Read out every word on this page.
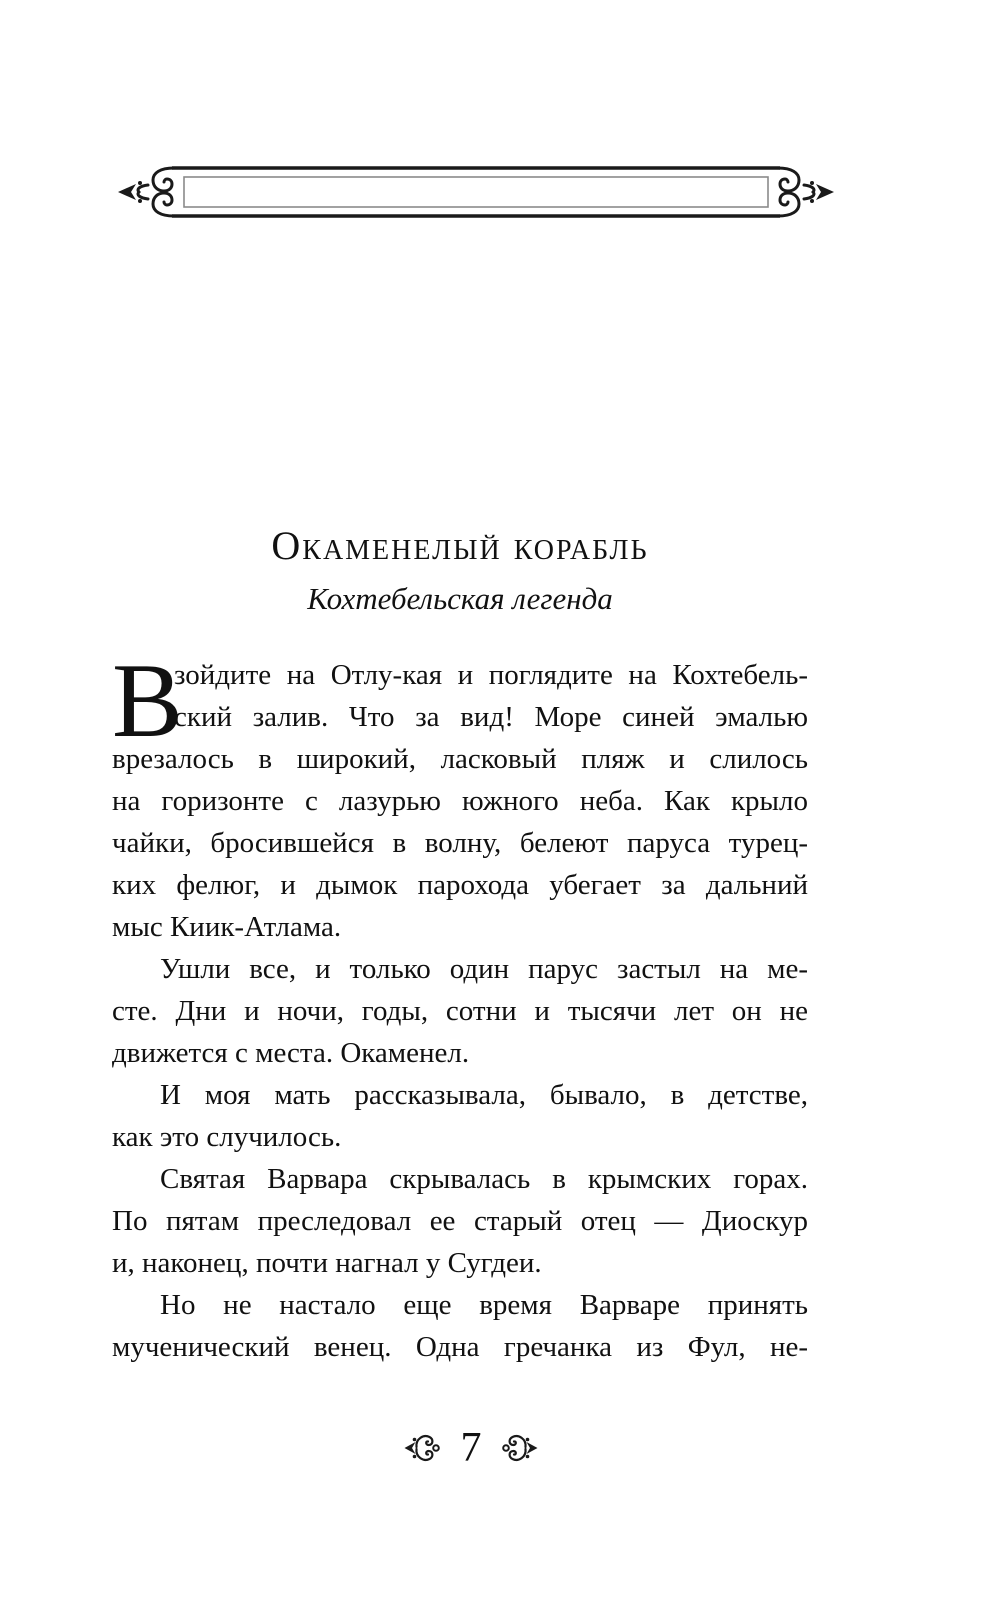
Окаменелый корабль
Кохтебельская легенда
В
зойдите на Отлу-кая и поглядите на Кохтебель-
ский залив. Что за вид! Море синей эмалью
врезалось в широкий, ласковый пляж и слилось
на горизонте с лазурью южного неба. Как крыло
чайки, бросившейся в волну, белеют паруса турец-
ких фелюг, и дымок парохода убегает за дальний
мыс Киик-Атлама.
Ушли все, и только один парус застыл на ме-
сте. Дни и ночи, годы, сотни и тысячи лет он не
движется с места. Окаменел.
И моя мать рассказывала, бывало, в детстве,
как это случилось.
Святая Варвара скрывалась в крымских горах.
По пятам преследовал ее старый отец — Диоскур
и, наконец, почти нагнал у Сугдеи.
Но не настало еще время Варваре принять
мученический венец. Одна гречанка из Фул, не-
7
